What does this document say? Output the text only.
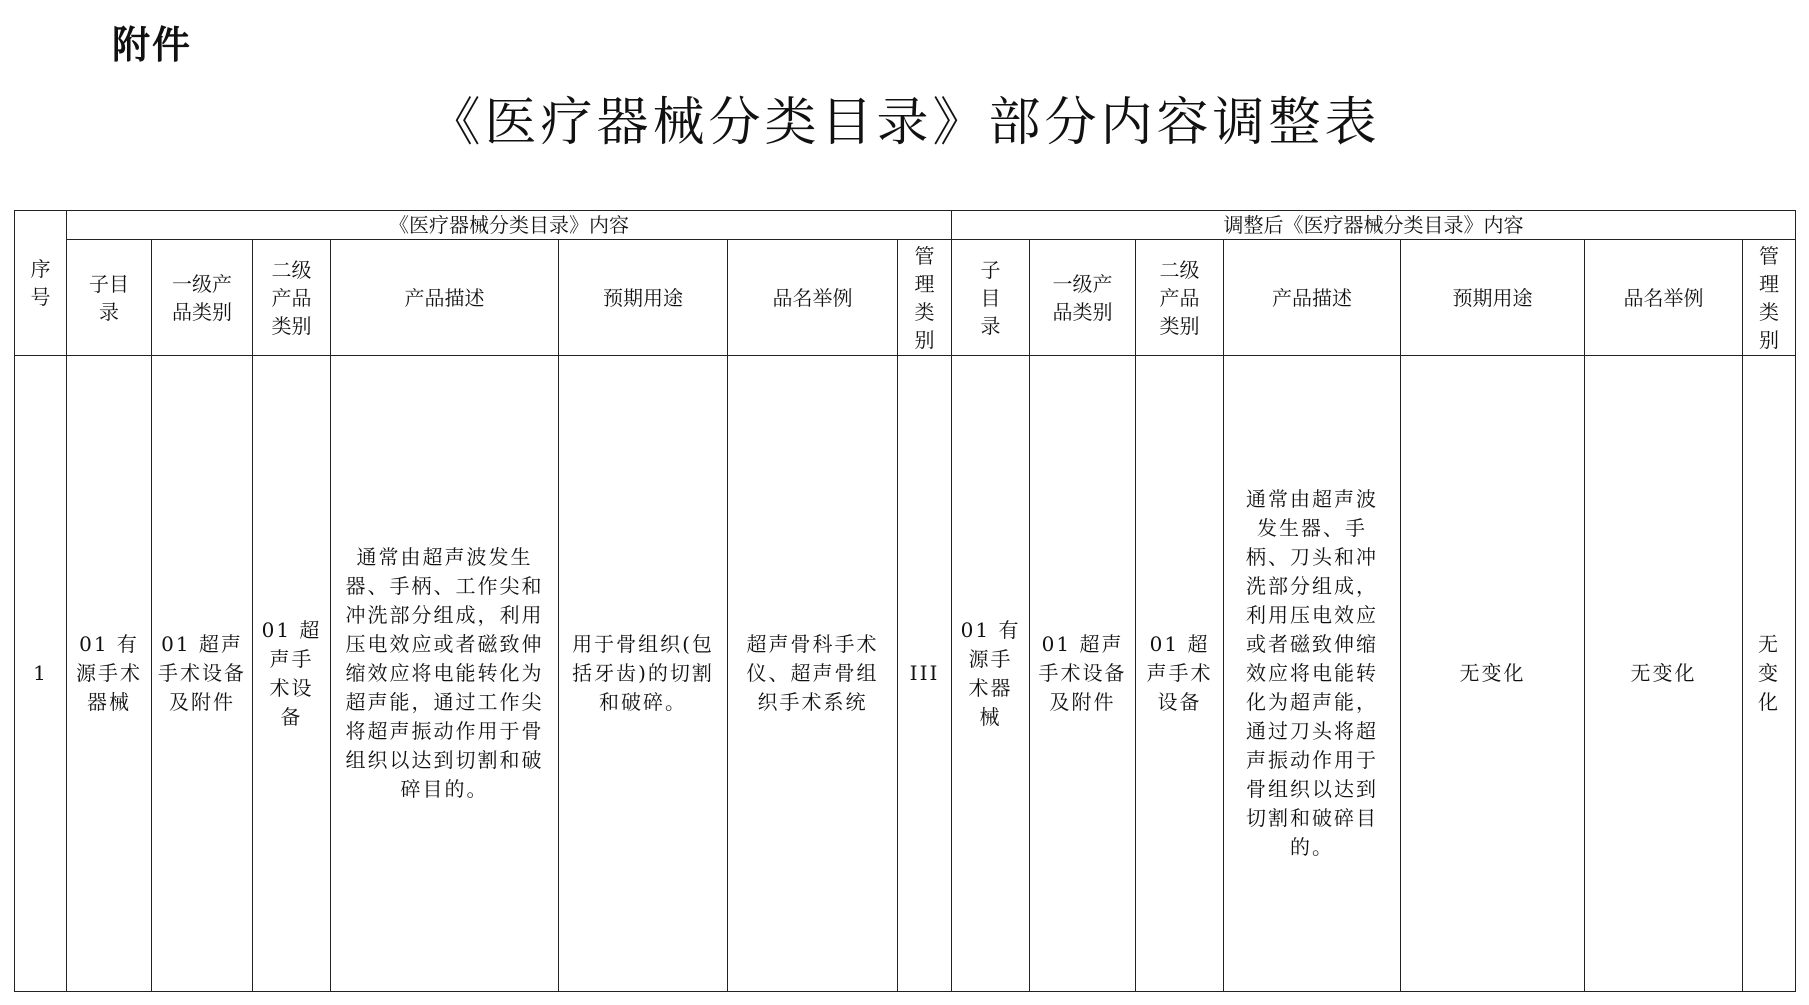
附件
《医疗器械分类目录》部分内容调整表
序号	《医疗器械分类目录》内容							调整后《医疗器械分类目录》内容						
	子目录	一级产品类别	二级产品类别	产品描述	预期用途	品名举例	管理类别	子目录	一级产品类别	二级产品类别	产品描述	预期用途	品名举例	管理类别
1	01 有源手术器械	01 超声手术设备及附件	01 超声手术设备	通常由超声波发生器、手柄、工作尖和冲洗部分组成，利用压电效应或者磁致伸缩效应将电能转化为超声能，通过工作尖将超声振动作用于骨组织以达到切割和破碎目的。	用于骨组织(包括牙齿)的切割和破碎。	超声骨科手术仪、超声骨组织手术系统	III	01 有源手术器械	01 超声手术设备及附件	01 超声手术设备	通常由超声波发生器、手柄、刀头和冲洗部分组成，利用压电效应或者磁致伸缩效应将电能转化为超声能，通过刀头将超声振动作用于骨组织以达到切割和破碎目的。	无变化	无变化	无变化
